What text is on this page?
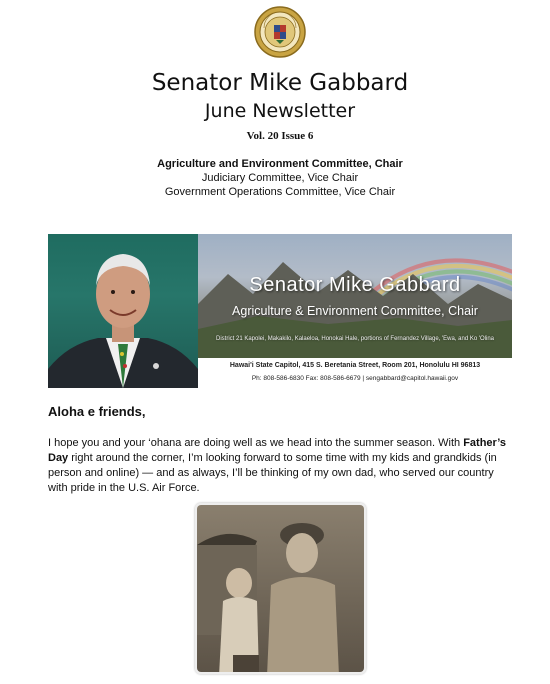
Senator Mike Gabbard
June Newsletter
Vol. 20 Issue 6
Agriculture and Environment Committee, Chair
Judiciary Committee, Vice Chair
Government Operations Committee, Vice Chair
Senator Mike Gabbard
Agriculture & Environment Committee, Chair
District 21 Kapolei, Makakilo, Kalaeloa, Honokai Hale, portions of Fernandez Village, 'Ewa, and Ko 'Olina
Hawai'i State Capitol, 415 S. Beretania Street, Room 201, Honolulu HI 96813
Ph: 808-586-6830 Fax: 808-586-6679 | sengabbard@capitol.hawaii.gov
Aloha e friends,

I hope you and your ‘ohana are doing well as we head into the summer season. With Father’s Day right around the corner, I’m looking forward to some time with my kids and grandkids (in person and online) — and as always, I’ll be thinking of my own dad, who served our country with pride in the U.S. Air Force.
